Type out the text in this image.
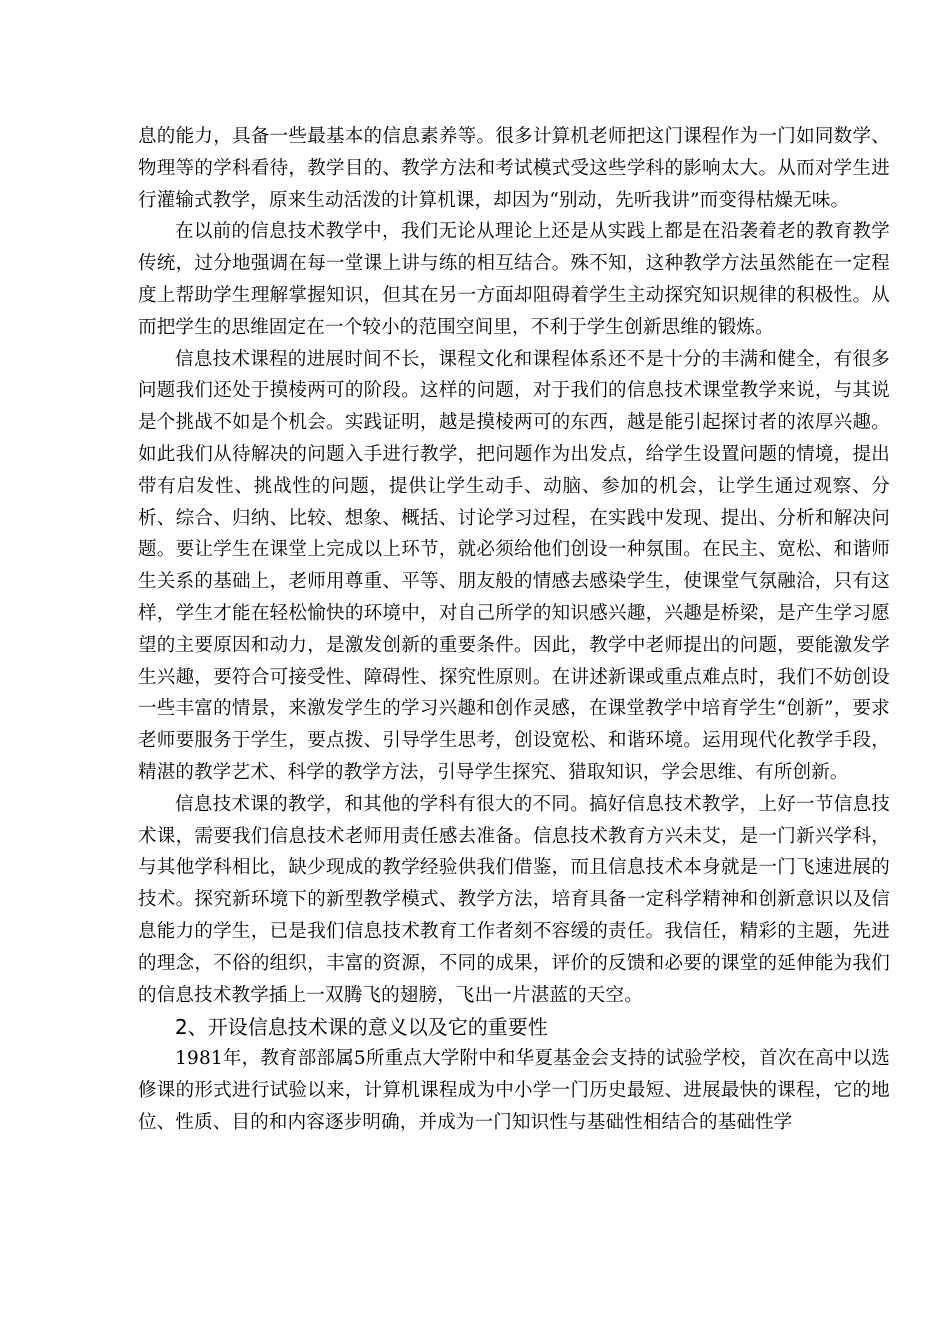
息的能力，具备一些最基本的信息素养等。很多计算机老师把这门课程作为一门如同数学、物理等的学科看待，教学目的、教学方法和考试模式受这些学科的影响太大。从而对学生进行灌输式教学，原来生动活泼的计算机课，却因为“别动，先听我讲”而变得枯燥无味。

在以前的信息技术教学中，我们无论从理论上还是从实践上都是在沿袭着老的教育教学传统，过分地强调在每一堂课上讲与练的相互结合。殊不知，这种教学方法虽然能在一定程度上帮助学生理解掌握知识，但其在另一方面却阻碍着学生主动探究知识规律的积极性。从而把学生的思维固定在一个较小的范围空间里，不利于学生创新思维的锻炼。

信息技术课程的进展时间不长，课程文化和课程体系还不是十分的丰满和健全，有很多问题我们还处于摸棱两可的阶段。这样的问题，对于我们的信息技术课堂教学来说，与其说是个挑战不如是个机会。实践证明，越是摸棱两可的东西，越是能引起探讨者的浓厚兴趣。如此我们从待解决的问题入手进行教学，把问题作为出发点，给学生设置问题的情境，提出带有启发性、挑战性的问题，提供让学生动手、动脑、参加的机会，让学生通过观察、分析、综合、归纳、比较、想象、概括、讨论学习过程，在实践中发现、提出、分析和解决问题。要让学生在课堂上完成以上环节，就必须给他们创设一种氛围。在民主、宽松、和谐师生关系的基础上，老师用尊重、平等、朋友般的情感去感染学生，使课堂气氛融洽，只有这样，学生才能在轻松愉快的环境中，对自己所学的知识感兴趣，兴趣是桥梁，是产生学习愿望的主要原因和动力，是激发创新的重要条件。因此，教学中老师提出的问题，要能激发学生兴趣，要符合可接受性、障碍性、探究性原则。在讲述新课或重点难点时，我们不妨创设一些丰富的情景，来激发学生的学习兴趣和创作灵感，在课堂教学中培育学生“创新”，要求老师要服务于学生，要点拨、引导学生思考，创设宽松、和谐环境。运用现代化教学手段，精湛的教学艺术、科学的教学方法，引导学生探究、猎取知识，学会思维、有所创新。

信息技术课的教学，和其他的学科有很大的不同。搞好信息技术教学，上好一节信息技术课，需要我们信息技术老师用责任感去准备。信息技术教育方兴未艾，是一门新兴学科，与其他学科相比，缺少现成的教学经验供我们借鉴，而且信息技术本身就是一门飞速进展的技术。探究新环境下的新型教学模式、教学方法，培育具备一定科学精神和创新意识以及信息能力的学生，已是我们信息技术教育工作者刻不容缓的责任。我信任，精彩的主题，先进的理念，不俗的组织，丰富的资源，不同的成果，评价的反馈和必要的课堂的延伸能为我们的信息技术教学插上一双腾飞的翅膀，飞出一片湛蓝的天空。

2、开设信息技术课的意义以及它的重要性

1981年，教育部部属5所重点大学附中和华夏基金会支持的试验学校，首次在高中以选修课的形式进行试验以来，计算机课程成为中小学一门历史最短、进展最快的课程，它的地位、性质、目的和内容逐步明确，并成为一门知识性与基础性相结合的基础性学
